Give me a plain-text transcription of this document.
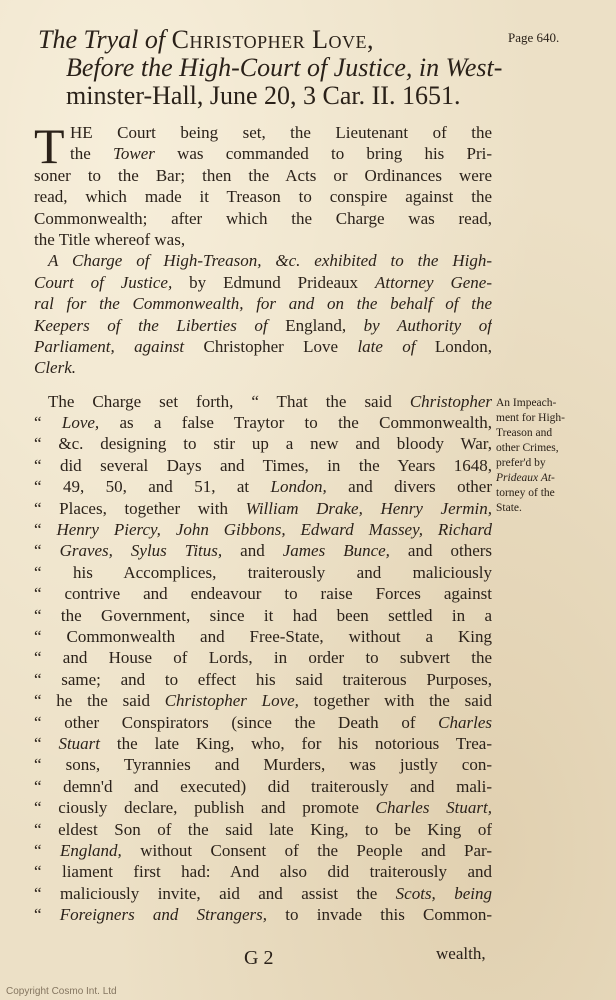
Page 640.
The Tryal of Christopher Love,
Before the High-Court of Justice, in West-
minster-Hall, June 20, 3 Car. II. 1651.
T HE Court being set, the Lieutenant of the
the Tower was commanded to bring his Pri-
soner to the Bar; then the Acts or Ordinances were
read, which made it Treason to conspire against the
Commonwealth; after which the Charge was read,
the Title whereof was,
A Charge of High-Treason, &c. exhibited to the High-
Court of Justice, by Edmund Prideaux Attorney Gene-
ral for the Commonwealth, for and on the behalf of the
Keepers of the Liberties of England, by Authority of
Parliament, against Christopher Love late of London,
Clerk.
The Charge set forth, “ That the said Christopher
“ Love, as a false Traytor to the Commonwealth,
“ &c. designing to stir up a new and bloody War,
“ did several Days and Times, in the Years 1648,
“ 49, 50, and 51, at London, and divers other
“ Places, together with William Drake, Henry Jermin,
“ Henry Piercy, John Gibbons, Edward Massey, Richard
“ Graves, Sylus Titus, and James Bunce, and others
“ his Accomplices, traiterously and maliciously
“ contrive and endeavour to raise Forces against
“ the Government, since it had been settled in a
“ Commonwealth and Free-State, without a King
“ and House of Lords, in order to subvert the
“ same; and to effect his said traiterous Purposes,
“ he the said Christopher Love, together with the said
“ other Conspirators (since the Death of Charles
“ Stuart the late King, who, for his notorious Trea-
“ sons, Tyrannies and Murders, was justly con-
“ demn'd and executed) did traiterously and mali-
“ ciously declare, publish and promote Charles Stuart,
“ eldest Son of the said late King, to be King of
“ England, without Consent of the People and Par-
“ liament first had: And also did traiterously and
“ maliciously invite, aid and assist the Scots, being
“ Foreigners and Strangers, to invade this Common-
An Impeach-
ment for High-
Treason and
other Crimes,
prefer'd by
Prideaux At-
torney of the
State.
G 2	wealth,
Copyright Cosmo Int. Ltd
